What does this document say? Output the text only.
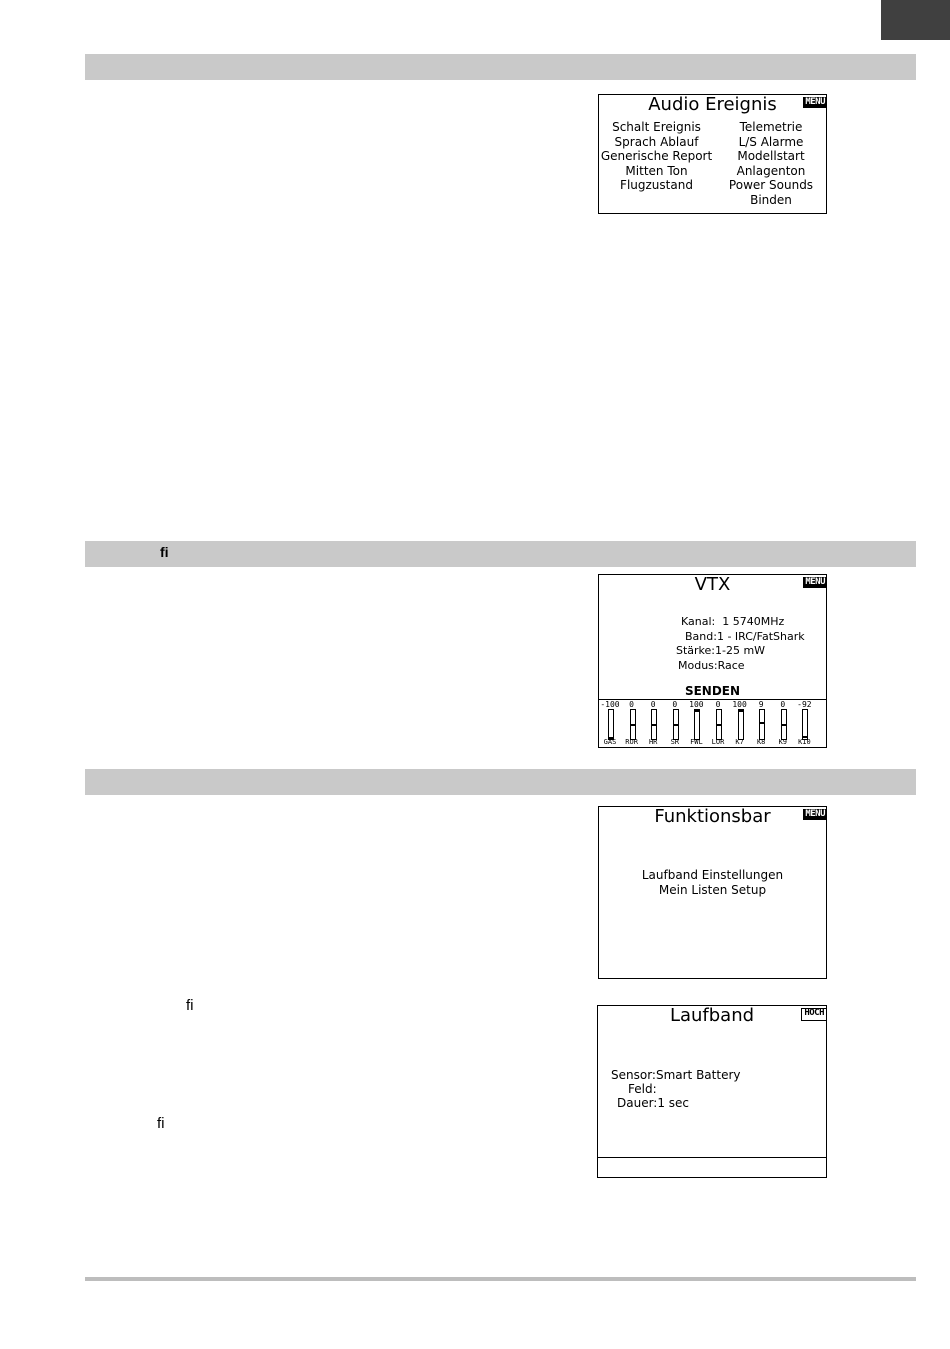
ﬁ
Audio Ereignis	MENÜ
Schalt Ereignis
Sprach Ablauf
Generische Report
Mitten Ton
Flugzustand
Telemetrie
L/S Alarme
Modellstart
Anlagenton
Power Sounds
Binden
VTX	MENÜ
Kanal:  1 5740MHz
Band:1 - IRC/FatShark
Stärke:1-25 mW
Modus:Race
SENDEN
-100
GAS
0
ROR
0
HR
0
SR
100
FWL
0
LOR
100
K7
9
K8
0
K9
-92
K10
Funktionsbar	MENÜ
Laufband Einstellungen
Mein Listen Setup
Laufband	HOCH
Sensor:Smart Battery
Feld:
Dauer:1 sec
ﬁ
ﬁ
